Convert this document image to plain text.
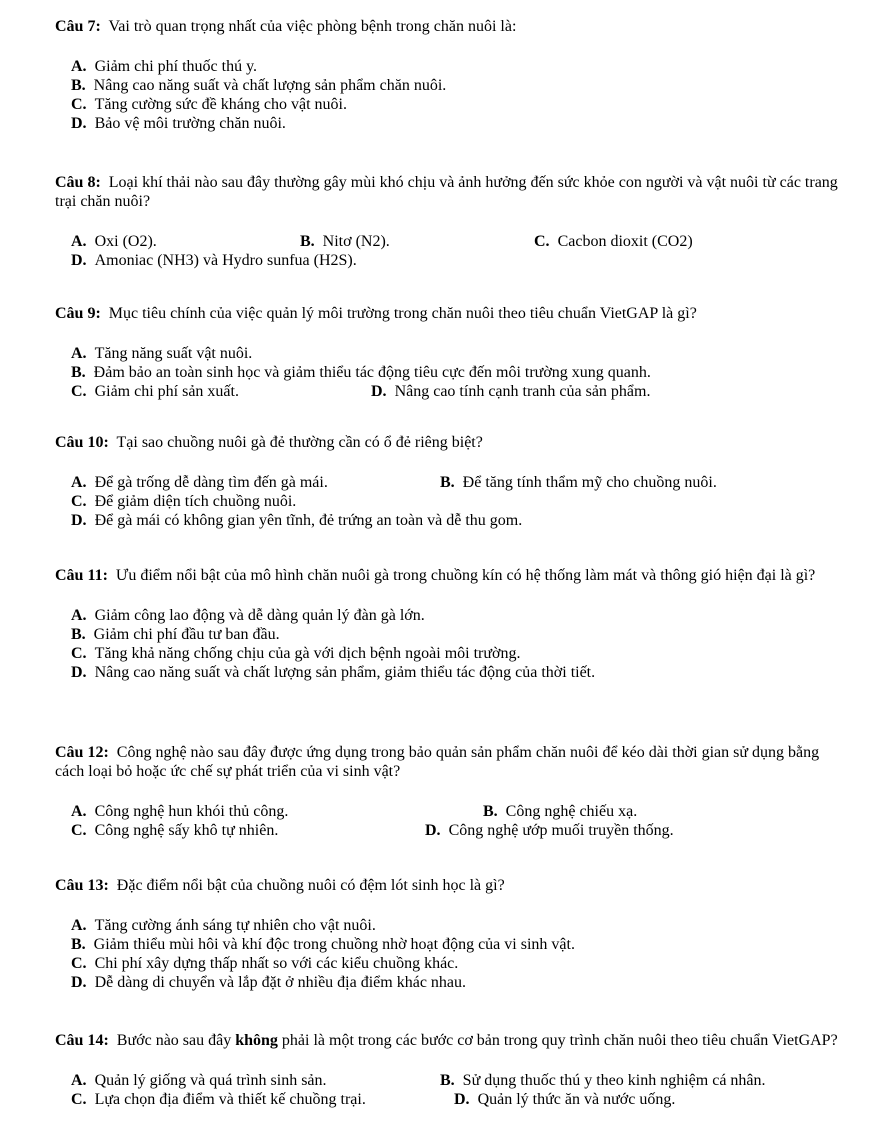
Câu 7: Vai trò quan trọng nhất của việc phòng bệnh trong chăn nuôi là:

A. Giảm chi phí thuốc thú y.
B. Nâng cao năng suất và chất lượng sản phẩm chăn nuôi.
C. Tăng cường sức đề kháng cho vật nuôi.
D. Bảo vệ môi trường chăn nuôi.

Câu 8: Loại khí thải nào sau đây thường gây mùi khó chịu và ảnh hưởng đến sức khỏe con người và vật nuôi từ các trang trại chăn nuôi?

A. Oxi (O2).	B. Nitơ (N2).	C. Cacbon dioxit (CO2)
D. Amoniac (NH3) và Hydro sunfua (H2S).

Câu 9: Mục tiêu chính của việc quản lý môi trường trong chăn nuôi theo tiêu chuẩn VietGAP là gì?

A. Tăng năng suất vật nuôi.
B. Đảm bảo an toàn sinh học và giảm thiểu tác động tiêu cực đến môi trường xung quanh.
C. Giảm chi phí sản xuất.	D. Nâng cao tính cạnh tranh của sản phẩm.

Câu 10: Tại sao chuồng nuôi gà đẻ thường cần có ổ đẻ riêng biệt?

A. Để gà trống dễ dàng tìm đến gà mái.	B. Để tăng tính thẩm mỹ cho chuồng nuôi.
C. Để giảm diện tích chuồng nuôi.
D. Để gà mái có không gian yên tĩnh, đẻ trứng an toàn và dễ thu gom.

Câu 11: Ưu điểm nổi bật của mô hình chăn nuôi gà trong chuồng kín có hệ thống làm mát và thông gió hiện đại là gì?

A. Giảm công lao động và dễ dàng quản lý đàn gà lớn.
B. Giảm chi phí đầu tư ban đầu.
C. Tăng khả năng chống chịu của gà với dịch bệnh ngoài môi trường.
D. Nâng cao năng suất và chất lượng sản phẩm, giảm thiểu tác động của thời tiết.

Câu 12: Công nghệ nào sau đây được ứng dụng trong bảo quản sản phẩm chăn nuôi để kéo dài thời gian sử dụng bằng cách loại bỏ hoặc ức chế sự phát triển của vi sinh vật?

A. Công nghệ hun khói thủ công.	B. Công nghệ chiếu xạ.
C. Công nghệ sấy khô tự nhiên.	D. Công nghệ ướp muối truyền thống.

Câu 13: Đặc điểm nổi bật của chuồng nuôi có đệm lót sinh học là gì?

A. Tăng cường ánh sáng tự nhiên cho vật nuôi.
B. Giảm thiểu mùi hôi và khí độc trong chuồng nhờ hoạt động của vi sinh vật.
C. Chi phí xây dựng thấp nhất so với các kiểu chuồng khác.
D. Dễ dàng di chuyển và lắp đặt ở nhiều địa điểm khác nhau.

Câu 14: Bước nào sau đây không phải là một trong các bước cơ bản trong quy trình chăn nuôi theo tiêu chuẩn VietGAP?

A. Quản lý giống và quá trình sinh sản.	B. Sử dụng thuốc thú y theo kinh nghiệm cá nhân.
C. Lựa chọn địa điểm và thiết kế chuồng trại.	D. Quản lý thức ăn và nước uống.
